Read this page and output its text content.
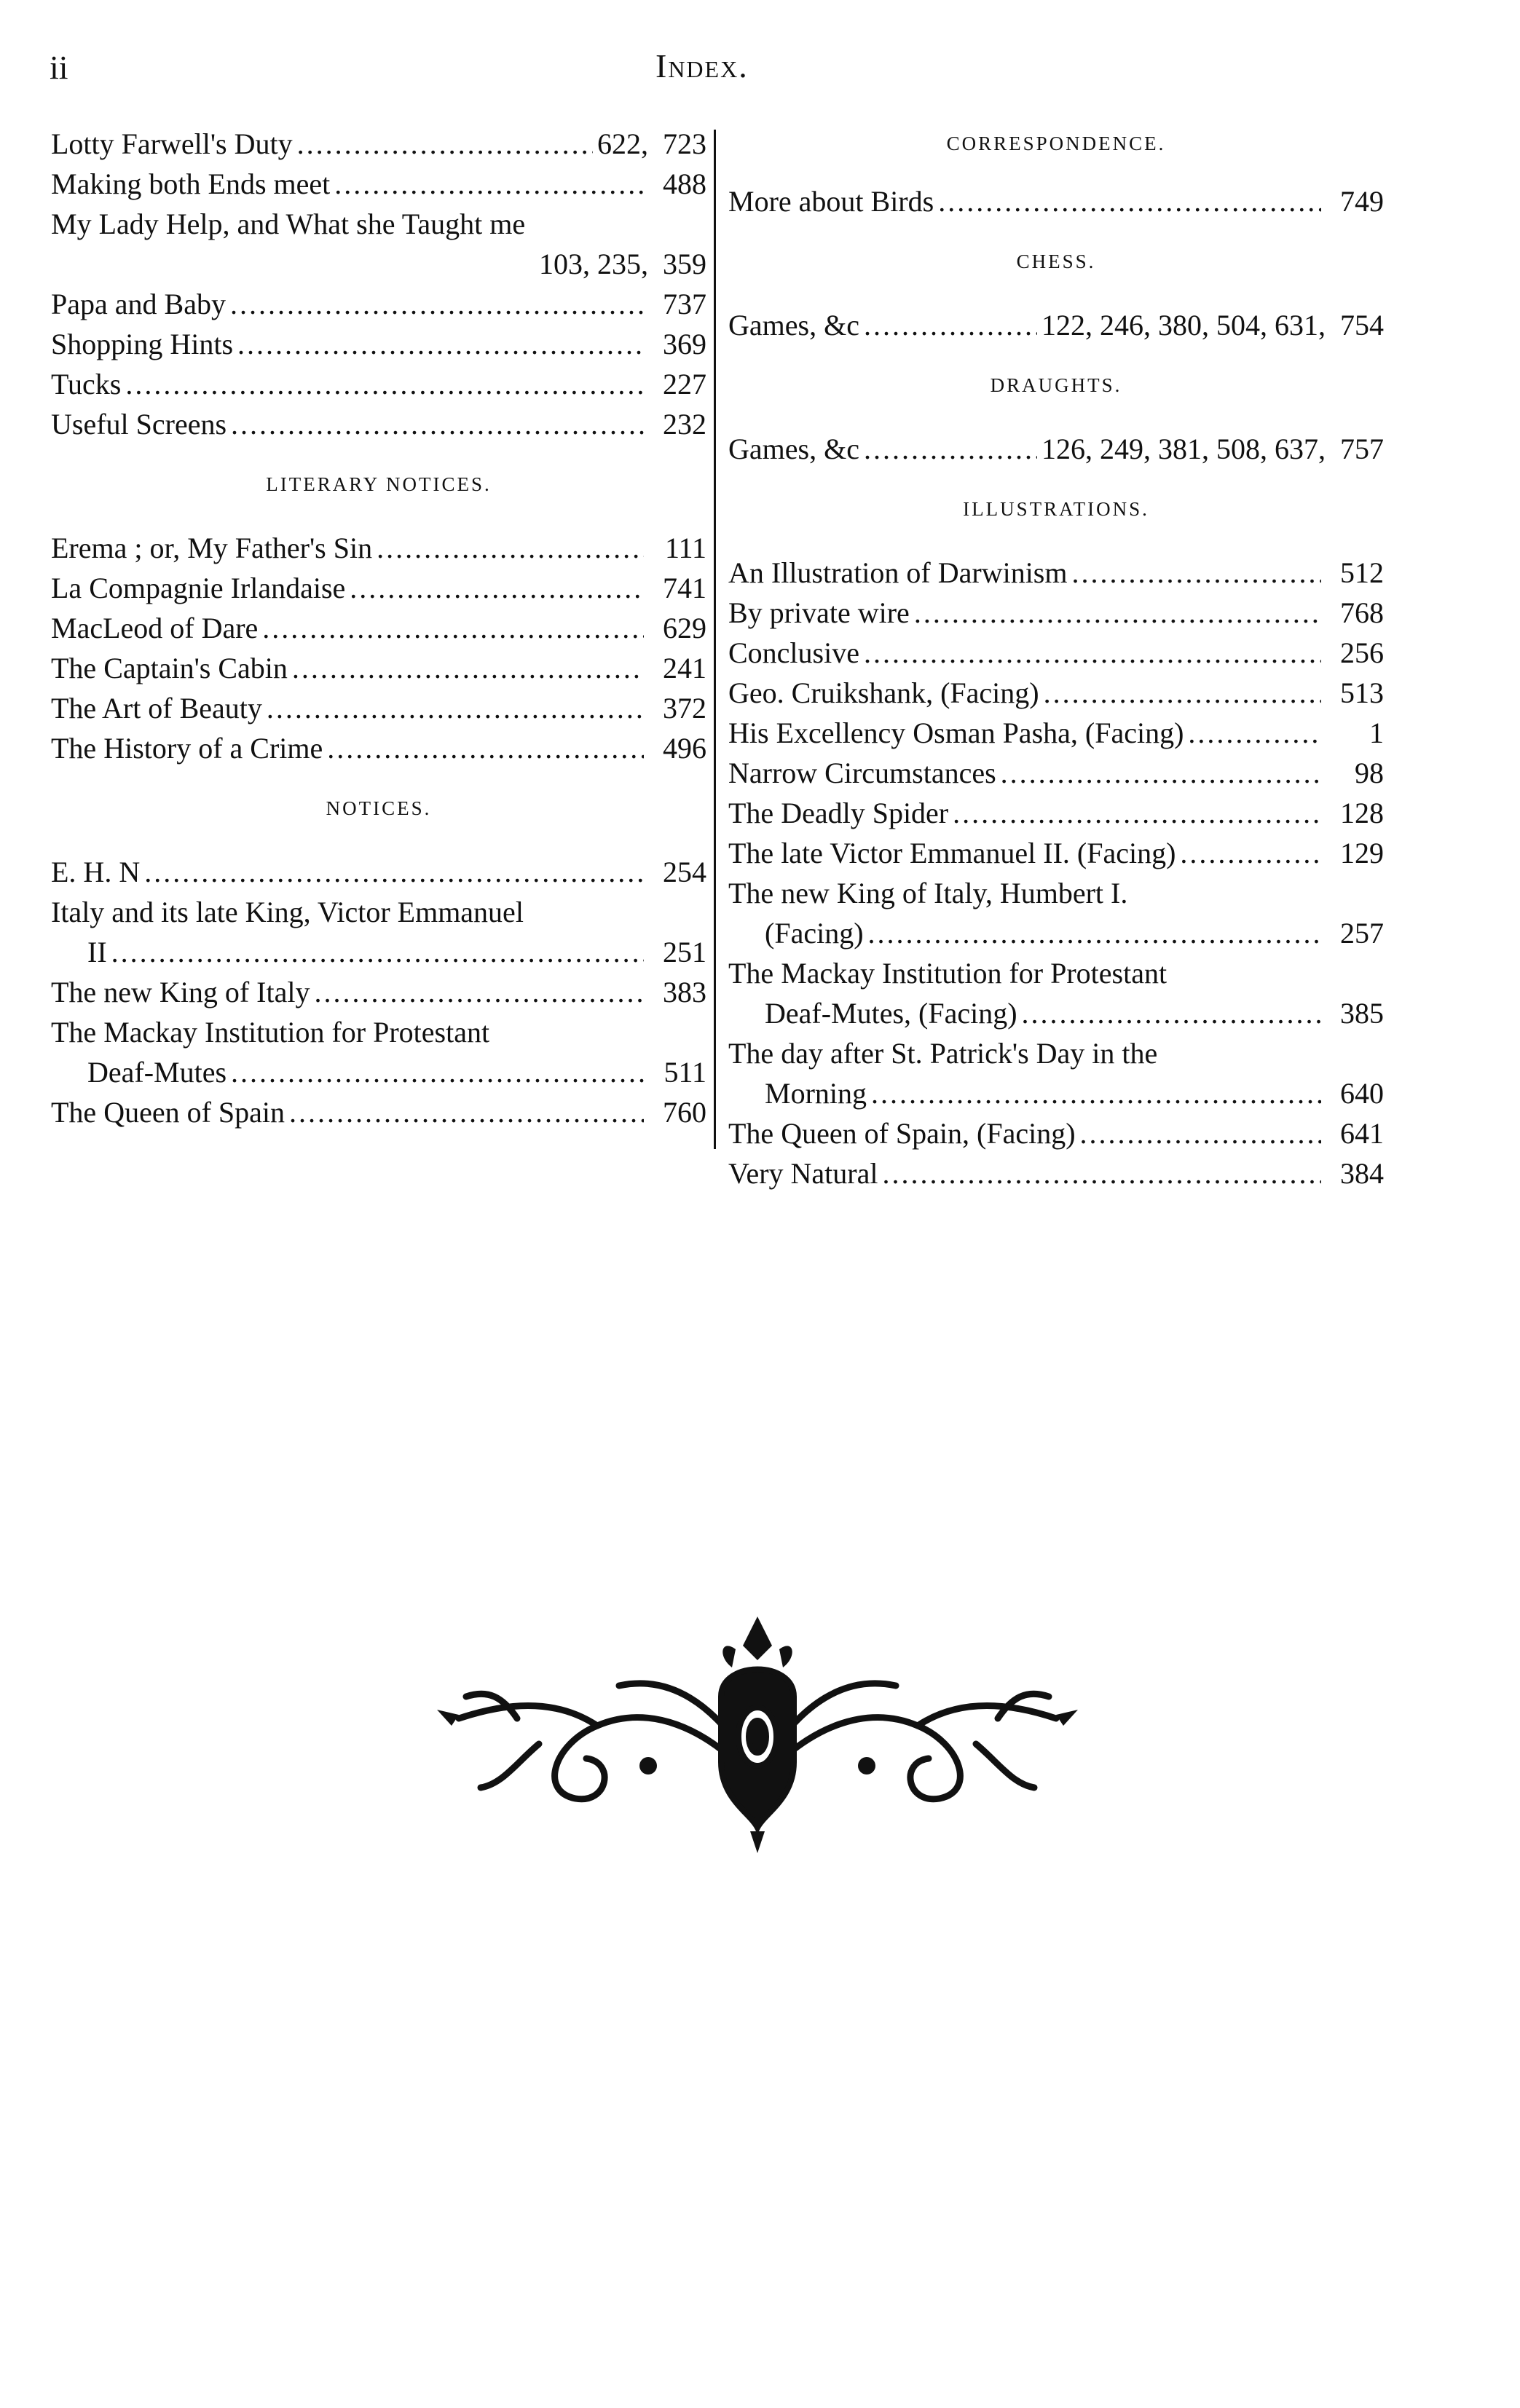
ii	Index.
Lotty Farwell's Duty .....	622, 723
Making both Ends meet .....	488
My Lady Help, and What she Taught me
103, 235, 359
Papa and Baby .....	737
Shopping Hints .....	369
Tucks .....	227
Useful Screens .....	232
LITERARY NOTICES.
Erema ; or, My Father's Sin .....	111
La Compagnie Irlandaise .....	741
MacLeod of Dare .....	629
The Captain's Cabin .....	241
The Art of Beauty .....	372
The History of a Crime .....	496
NOTICES.
E. H. N .....	254
Italy and its late King, Victor Emmanuel
II .....	251
The new King of Italy .....	383
The Mackay Institution for Protestant
Deaf-Mutes .....	511
The Queen of Spain .....	760
CORRESPONDENCE.
More about Birds .....	749
CHESS.
Games, &c .....	122, 246, 380, 504, 631, 754
DRAUGHTS.
Games, &c .....	126, 249, 381, 508, 637, 757
ILLUSTRATIONS.
An Illustration of Darwinism .....	512
By private wire .....	768
Conclusive .....	256
Geo. Cruikshank, (Facing) .....	513
His Excellency Osman Pasha, (Facing) .....	1
Narrow Circumstances .....	98
The Deadly Spider .....	128
The late Victor Emmanuel II. (Facing) .....	129
The new King of Italy, Humbert I.
(Facing) .....	257
The Mackay Institution for Protestant
Deaf-Mutes, (Facing) .....	385
The day after St. Patrick's Day in the
Morning .....	640
The Queen of Spain, (Facing) .....	641
Very Natural .....	384
